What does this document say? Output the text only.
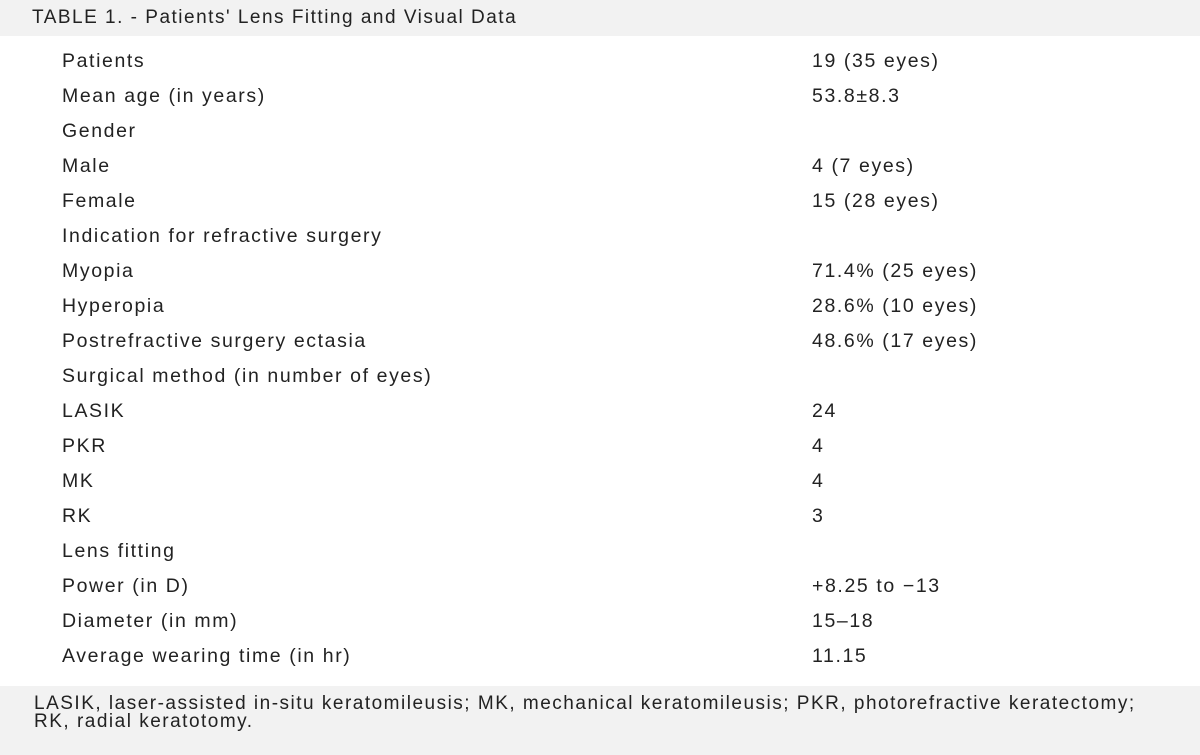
TABLE 1. - Patients' Lens Fitting and Visual Data
Patients	19 (35 eyes)
Mean age (in years)	53.8±8.3
Gender
Male	4 (7 eyes)
Female	15 (28 eyes)
Indication for refractive surgery
Myopia	71.4% (25 eyes)
Hyperopia	28.6% (10 eyes)
Postrefractive surgery ectasia	48.6% (17 eyes)
Surgical method (in number of eyes)
LASIK	24
PKR	4
MK	4
RK	3
Lens fitting
Power (in D)	+8.25 to −13
Diameter (in mm)	15–18
Average wearing time (in hr)	11.15
LASIK, laser-assisted in-situ keratomileusis; MK, mechanical keratomileusis; PKR, photorefractive keratectomy; RK, radial keratotomy.
